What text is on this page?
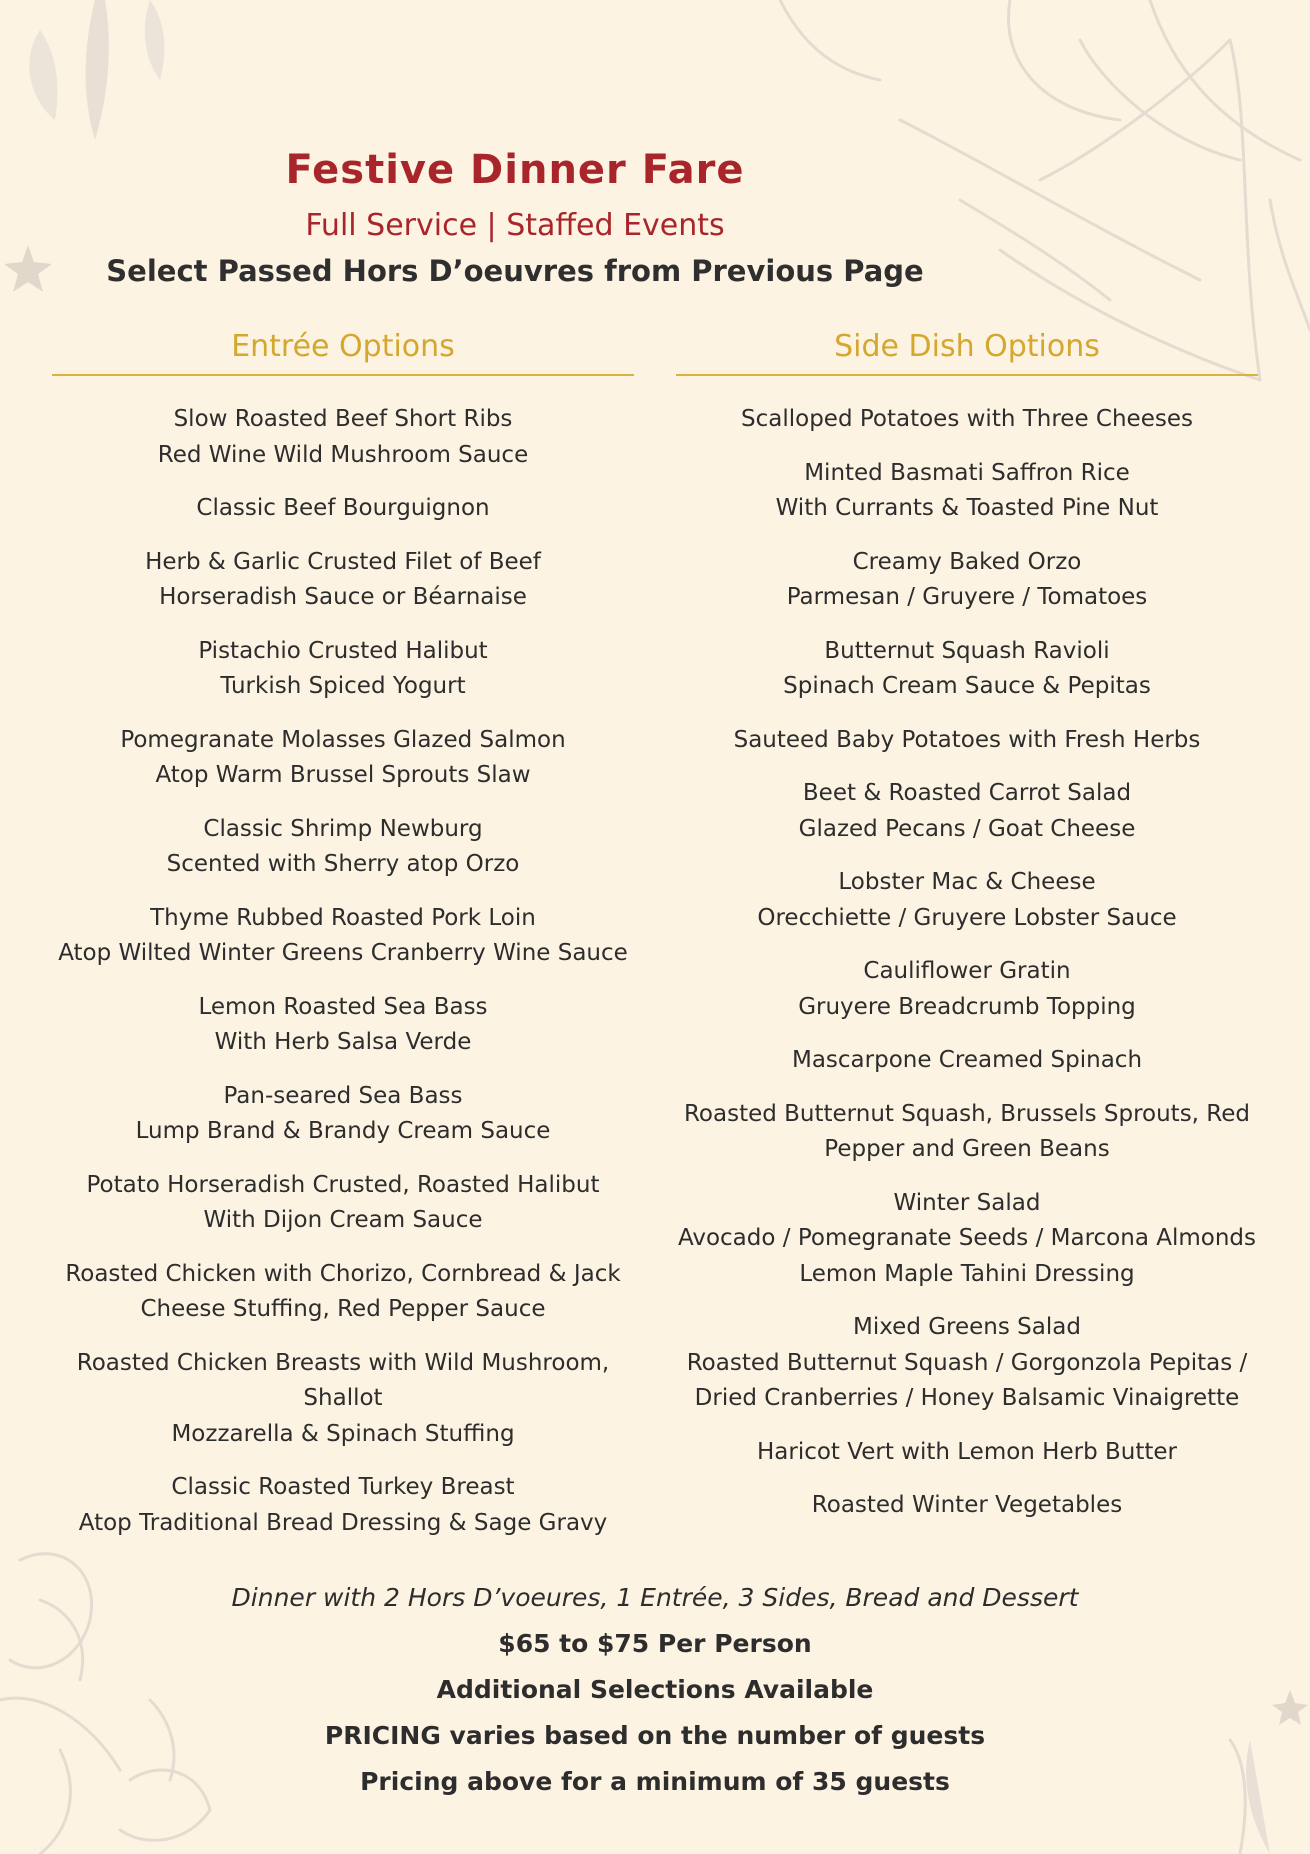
Festive Dinner Fare
Full Service | Staffed Events
Select Passed Hors D’oeuvres from Previous Page
Entrée Options
Slow Roasted Beef Short Ribs
Red Wine Wild Mushroom Sauce
Classic Beef Bourguignon
Herb & Garlic Crusted Filet of Beef
Horseradish Sauce or Béarnaise
Pistachio Crusted Halibut
Turkish Spiced Yogurt
Pomegranate Molasses Glazed Salmon
Atop Warm Brussel Sprouts Slaw
Classic Shrimp Newburg
Scented with Sherry atop Orzo
Thyme Rubbed Roasted Pork Loin
Atop Wilted Winter Greens Cranberry Wine Sauce
Lemon Roasted Sea Bass
With Herb Salsa Verde
Pan-seared Sea Bass
Lump Brand & Brandy Cream Sauce
Potato Horseradish Crusted, Roasted Halibut
With Dijon Cream Sauce
Roasted Chicken with Chorizo, Cornbread & Jack
Cheese Stuffing, Red Pepper Sauce
Roasted Chicken Breasts with Wild Mushroom,
Shallot
Mozzarella & Spinach Stuffing
Classic Roasted Turkey Breast
Atop Traditional Bread Dressing & Sage Gravy
Side Dish Options
Scalloped Potatoes with Three Cheeses
Minted Basmati Saffron Rice
With Currants & Toasted Pine Nut
Creamy Baked Orzo
Parmesan / Gruyere / Tomatoes
Butternut Squash Ravioli
Spinach Cream Sauce & Pepitas
Sauteed Baby Potatoes with Fresh Herbs
Beet & Roasted Carrot Salad
Glazed Pecans / Goat Cheese
Lobster Mac & Cheese
Orecchiette / Gruyere Lobster Sauce
Cauliflower Gratin
Gruyere Breadcrumb Topping
Mascarpone Creamed Spinach
Roasted Butternut Squash, Brussels Sprouts, Red
Pepper and Green Beans
Winter Salad
Avocado / Pomegranate Seeds / Marcona Almonds
Lemon Maple Tahini Dressing
Mixed Greens Salad
Roasted Butternut Squash / Gorgonzola Pepitas /
Dried Cranberries / Honey Balsamic Vinaigrette
Haricot Vert with Lemon Herb Butter
Roasted Winter Vegetables
Dinner with 2 Hors D’voeures, 1 Entrée, 3 Sides, Bread and Dessert
$65 to $75 Per Person
Additional Selections Available
PRICING varies based on the number of guests
Pricing above for a minimum of 35 guests
